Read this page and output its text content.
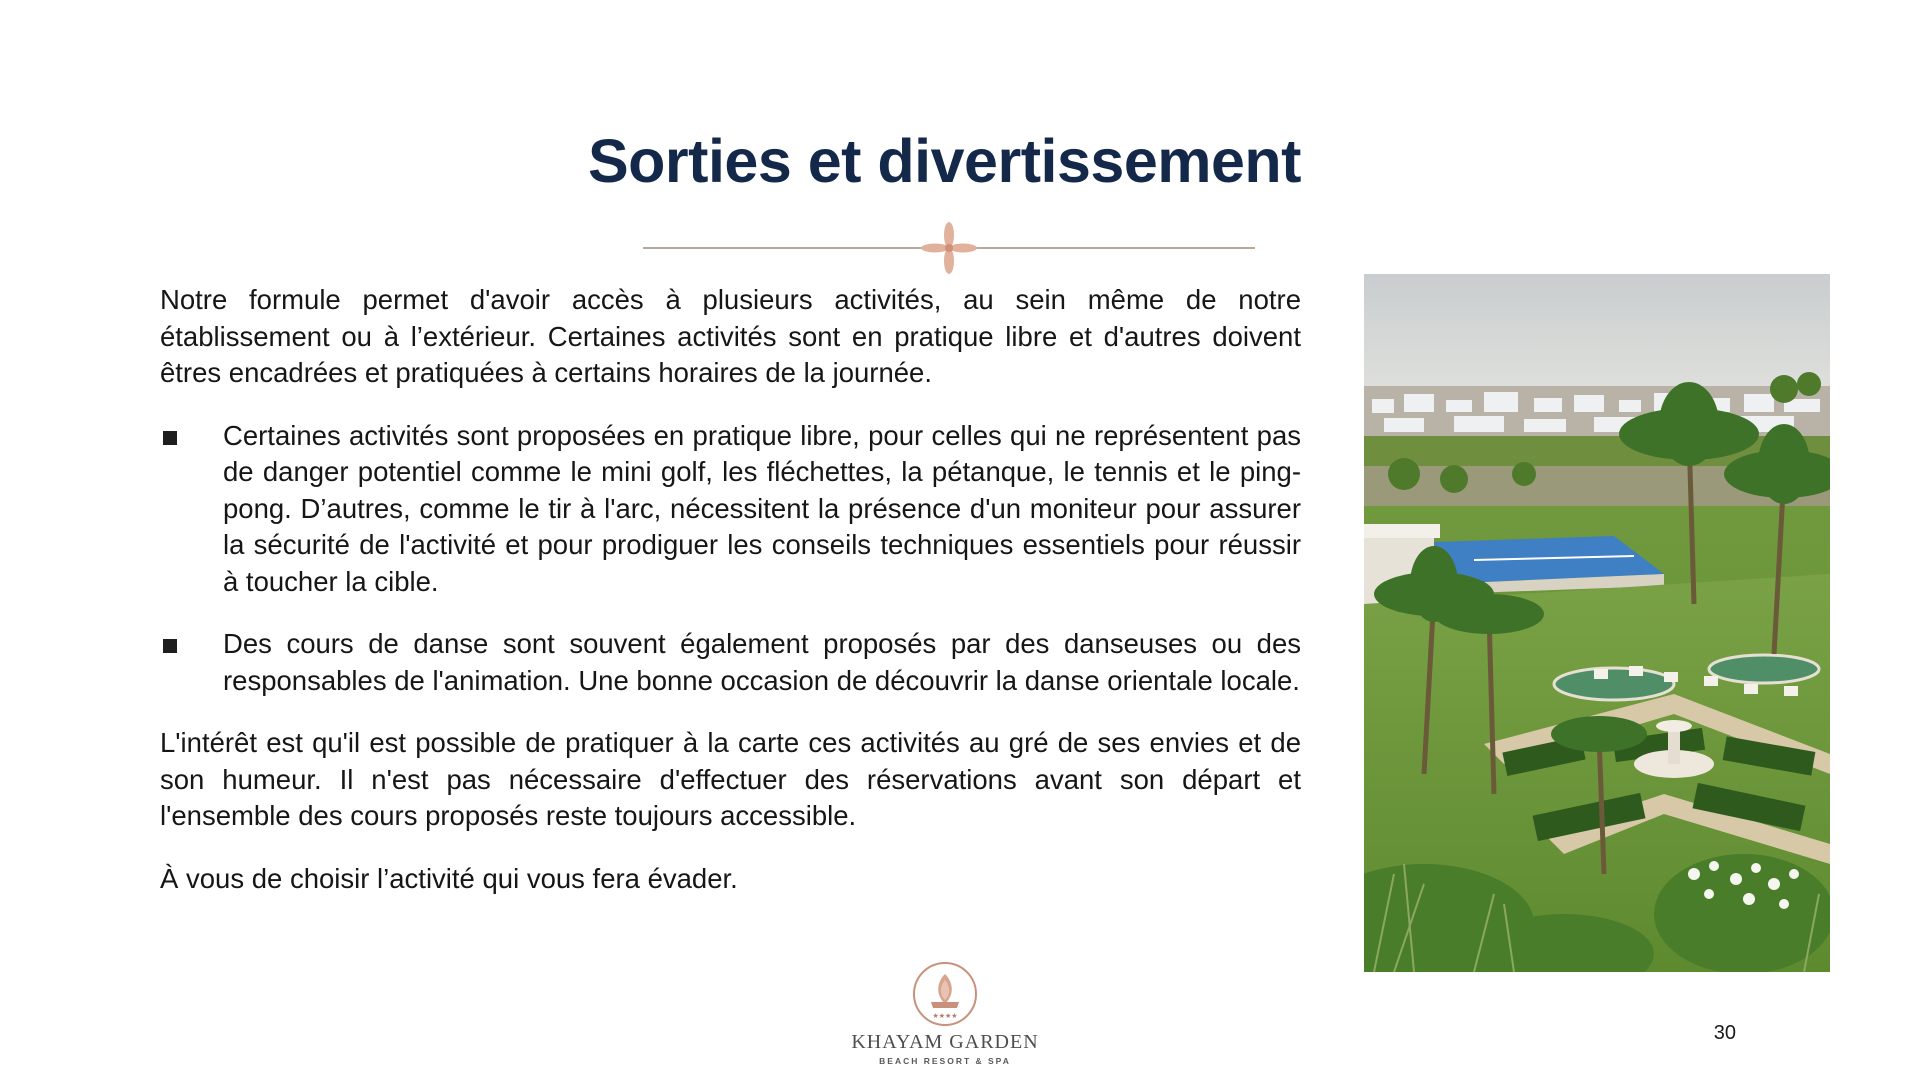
Sorties et divertissement

Notre formule permet d'avoir accès à plusieurs activités, au sein même de notre établissement ou à l’extérieur. Certaines activités sont en pratique libre et d'autres doivent êtres encadrées et pratiquées à certains horaires de la journée.

Certaines activités sont proposées en pratique libre, pour celles qui ne représentent pas de danger potentiel comme le mini golf, les fléchettes, la pétanque, le tennis et le ping-pong. D’autres, comme le tir à l'arc, nécessitent la présence d'un moniteur pour assurer la sécurité de l'activité et pour prodiguer les conseils techniques essentiels pour réussir à toucher la cible.
Des cours de danse sont souvent également proposés par des danseuses ou des responsables de l'animation. Une bonne occasion de découvrir la danse orientale locale.

L'intérêt est qu'il est possible de pratiquer à la carte ces activités au gré de ses envies et de son humeur. Il n'est pas nécessaire d'effectuer des réservations avant son départ et l'ensemble des cours proposés reste toujours accessible.

À vous de choisir l’activité qui vous fera évader.

★★★★
KHAYAM GARDEN
BEACH RESORT & SPA
30
